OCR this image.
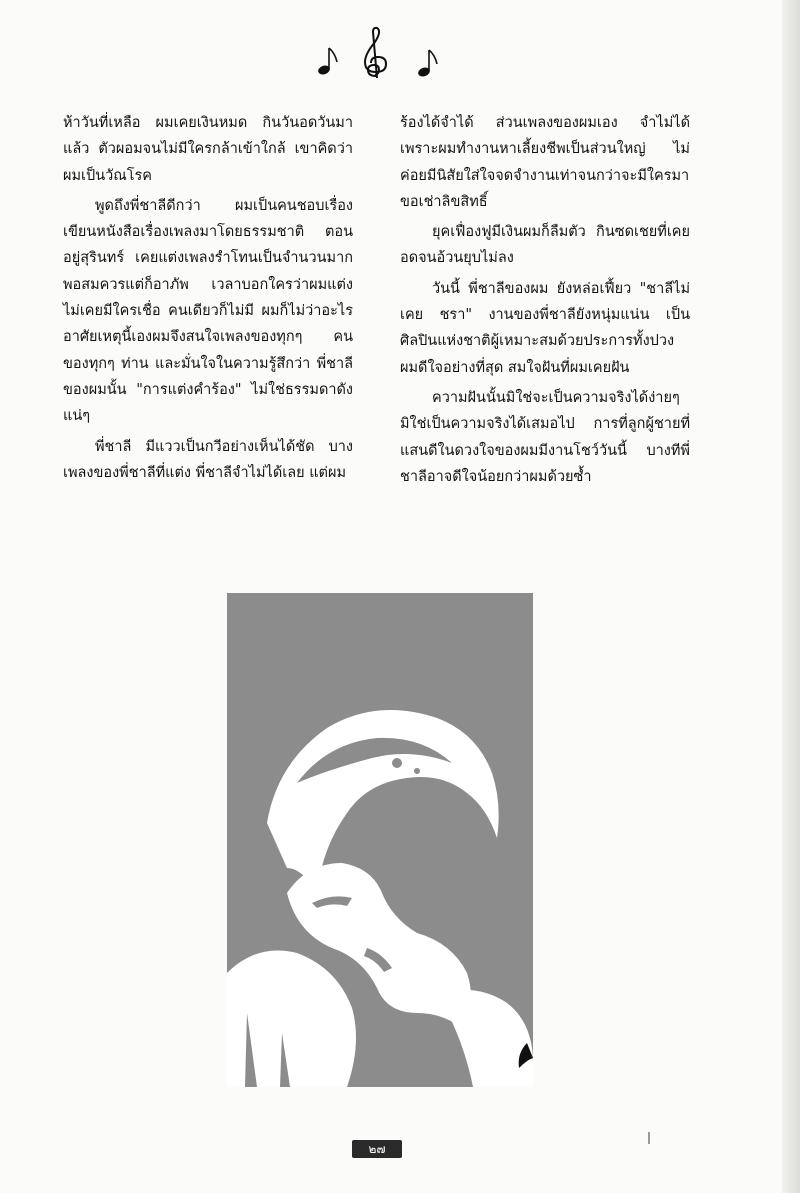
ห้าวันที่เหลือ ผมเคยเงินหมด กินวันอดวันมา แล้ว ตัวผอมจนไม่มีใครกล้าเข้าใกล้ เขาคิดว่าผมเป็นวัณโรค

พูดถึงพี่ชาลีดีกว่า ผมเป็นคนชอบเรื่องเขียนหนังสือเรื่องเพลงมาโดยธรรมชาติ ตอนอยู่สุรินทร์ เคยแต่งเพลงรำโทนเป็นจำนวนมากพอสมควรแต่ก็อาภัพ เวลาบอกใครว่าผมแต่ง ไม่เคยมีใครเชื่อ คนเดียวก็ไม่มี ผมก็ไม่ว่าอะไร อาศัยเหตุนี้เองผมจึงสนใจเพลงของทุกๆ คน ของทุกๆ ท่าน และมั่นใจในความรู้สึกว่า พี่ชาลีของผมนั้น "การแต่งคำร้อง" ไม่ใช่ธรรมดาดังแน่ๆ

พี่ชาลี มีแววเป็นกวีอย่างเห็นได้ชัด บางเพลงของพี่ชาลีที่แต่ง พี่ชาลีจำไม่ได้เลย แต่ผม

ร้องได้จำได้ ส่วนเพลงของผมเอง จำไม่ได้เพราะผมทำงานหาเลี้ยงชีพเป็นส่วนใหญ่ ไม่ค่อยมีนิสัยใส่ใจจดจำงานเท่าจนกว่าจะมีใครมาขอเช่าลิขสิทธิ์

ยุคเฟื่องฟูมีเงินผมก็ลืมตัว กินซดเชยที่เคยอดจนอ้วนยุบไม่ลง

วันนี้ พี่ชาลีของผม ยังหล่อเฟี้ยว "ชาลีไม่เคย ชรา" งานของพี่ชาลียังหนุ่มแน่น เป็นศิลปินแห่งชาติผู้เหมาะสมด้วยประการทั้งปวง ผมดีใจอย่างที่สุด สมใจฝันที่ผมเคยฝัน

ความฝันนั้นมิใช่จะเป็นความจริงได้ง่ายๆ มิใช่เป็นความจริงได้เสมอไป การที่ลูกผู้ชายที่แสนดีในดวงใจของผมมีงานโชว์วันนี้ บางทีพี่ชาลีอาจดีใจน้อยกว่าผมด้วยซ้ำ

๒๗
